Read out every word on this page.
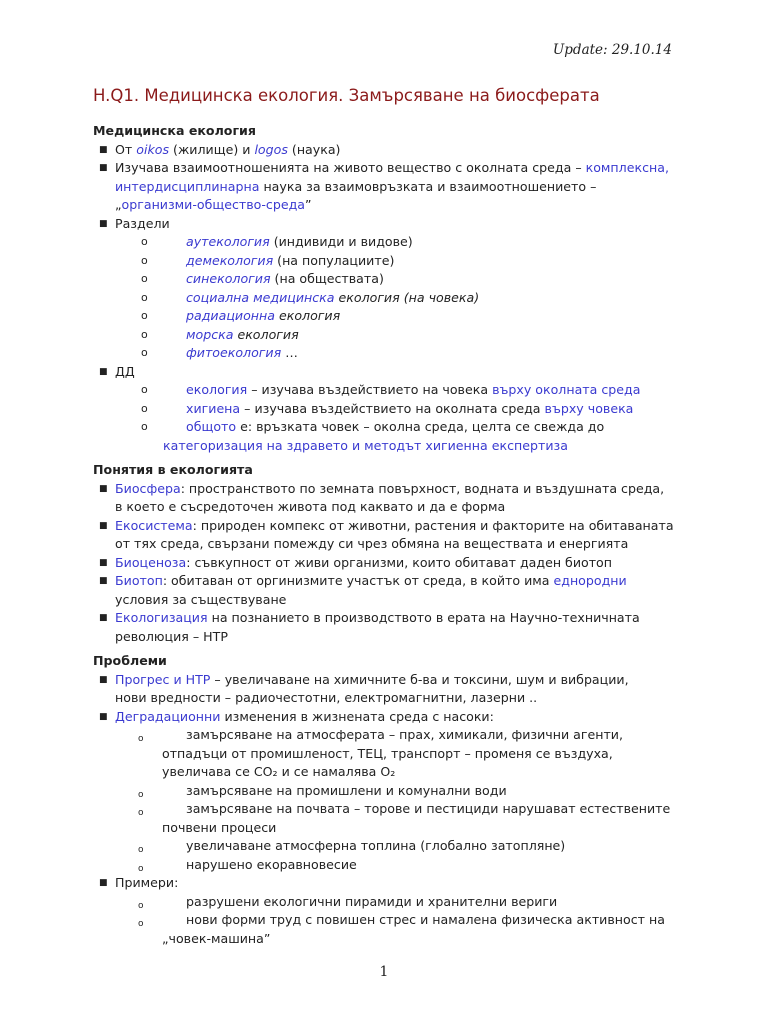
Update: 29.10.14
H.Q1. Медицинска екология. Замърсяване на биосферата

Медицинска екология

■ От oikos (жилище) и logos (наука)

■ Изучава взаимоотношенията на живото вещество с околната среда – комплексна,
интердисциплинарна наука за взаимовръзката и взаимоотношението –
„организми-общество-среда”

■ Раздели

o	аутекология (индивиди и видове)

o	демекология (на популациите)

o	синекология (на обществата)

o	социална медицинска екология (на човека)

o	радиационна екология

o	морска екология

o	фитоекология …

■ ДД

o	екология – изучава въздействието на човека върху околната среда

o	хигиена – изучава въздействието на околната среда върху човека

o	общото е: връзката човек – околна среда, целта се свежда до

категоризация на здравето и методът хигиенна експертиза

Понятия в екологията

■ Биосфера: пространството по земната повърхност, водната и въздушната среда,
в което е съсредоточен живота под каквато и да е форма

■ Екосистема: природен компекс от животни, растения и факторите на обитаваната
от тях среда, свързани помежду си чрез обмяна на веществата и енергията

■ Биоценоза: съвкупност от живи организми, които обитават даден биотоп

■ Биотоп: обитаван от оргинизмите участък от среда, в който има еднородни
условия за съществуване

■ Екологизация на познанието в производството в ерата на Научно-техничната
революция – НТР

Проблеми

■ Прогрес и НТР – увеличаване на химичните б-ва и токсини, шум и вибрации,
нови вредности – радиочестотни, електромагнитни, лазерни ..

■ Деградационни изменения в жизнената среда с насоки:

o	замърсяване на атмосферата – прах, химикали, физични агенти,
отпадъци от промишленост, ТЕЦ, транспорт – променя се въздуха,
увеличава се CO₂ и се намалява O₂

o	замърсяване на промишлени и комунални води

o	замърсяване на почвата – торове и пестициди нарушават естествените
почвени процеси

o	увеличаване атмосферна топлина (глобално затопляне)

o	нарушено екоравновесие

■ Примери:

o	разрушени екологични пирамиди и хранителни вериги

o	нови форми труд с повишен стрес и намалена физическа активност на
„човек-машина”

1
